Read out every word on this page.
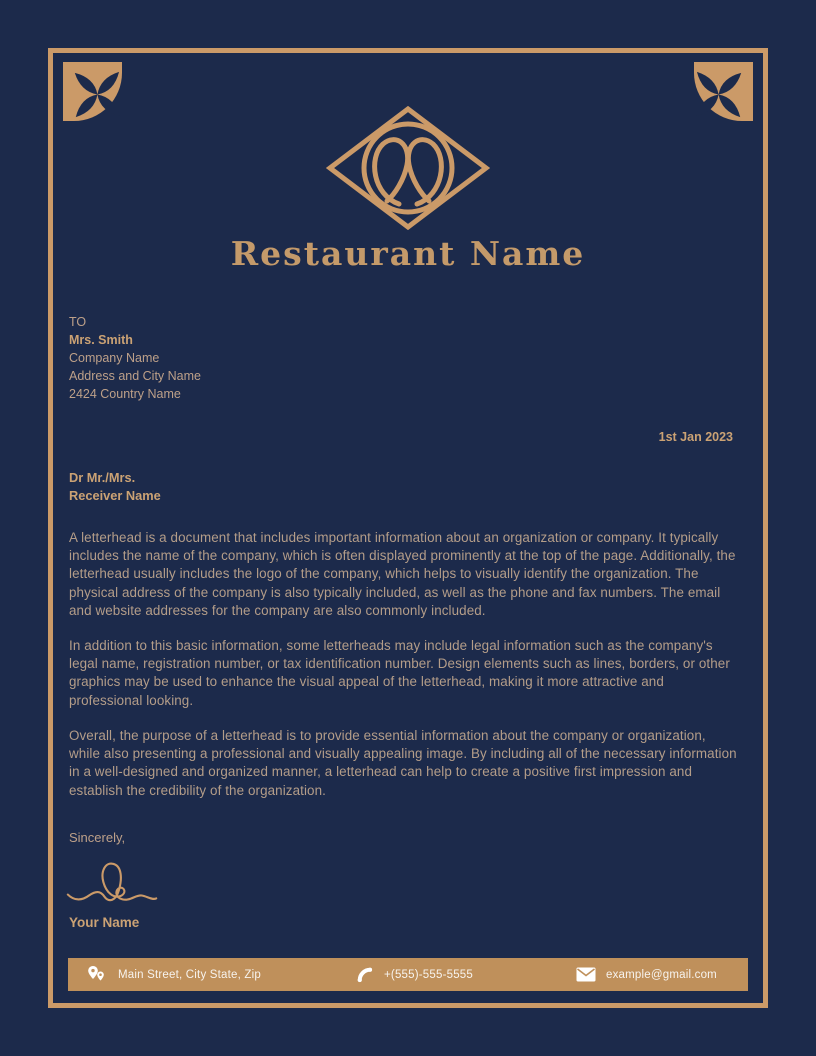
Restaurant Name
TO
Mrs. Smith
Company Name
Address and City Name
2424 Country Name
1st Jan 2023
Dr Mr./Mrs.
Receiver Name

A letterhead is a document that includes important information about an organization or company. It typically includes the name of the company, which is often displayed prominently at the top of the page. Additionally, the letterhead usually includes the logo of the company, which helps to visually identify the organization. The physical address of the company is also typically included, as well as the phone and fax numbers. The email and website addresses for the company are also commonly included.

In addition to this basic information, some letterheads may include legal information such as the company's legal name, registration number, or tax identification number. Design elements such as lines, borders, or other graphics may be used to enhance the visual appeal of the letterhead, making it more attractive and professional looking.

Overall, the purpose of a letterhead is to provide essential information about the company or organization, while also presenting a professional and visually appealing image. By including all of the necessary information in a well-designed and organized manner, a letterhead can help to create a positive first impression and establish the credibility of the organization.

Sincerely,
Your Name
Main Street, City State, Zip	+(555)-555-5555	example@gmail.com
